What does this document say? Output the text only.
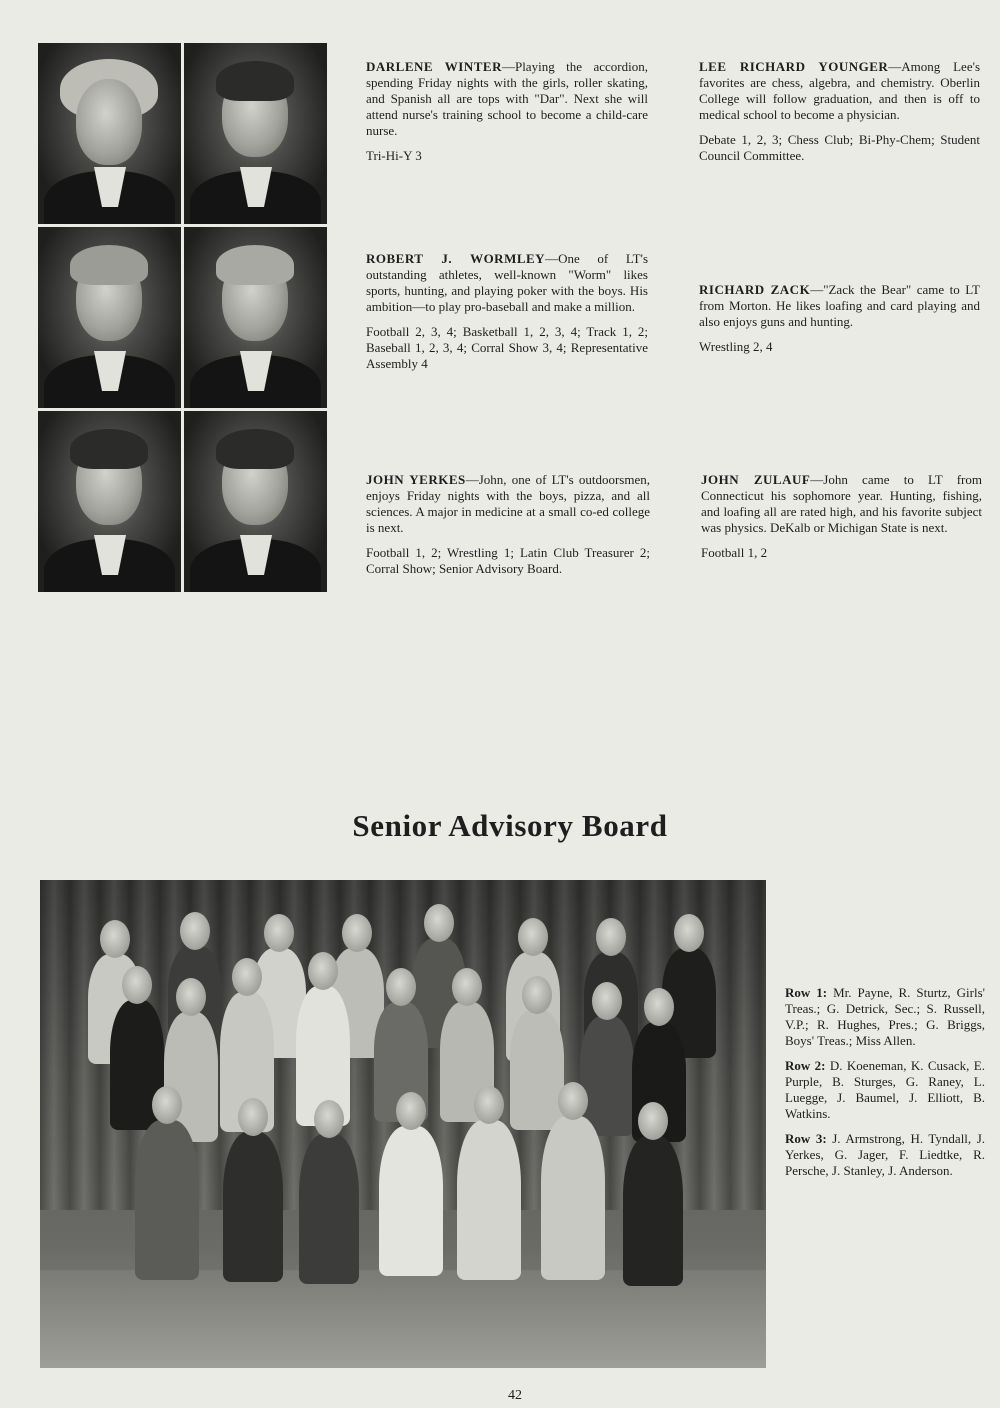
DARLENE WINTER—Playing the accordion, spending Friday nights with the girls, roller skating, and Spanish all are tops with "Dar". Next she will attend nurse's training school to become a child-care nurse.

Tri-Hi-Y 3

LEE RICHARD YOUNGER—Among Lee's favorites are chess, algebra, and chemistry. Oberlin College will follow graduation, and then is off to medical school to become a physician.

Debate 1, 2, 3; Chess Club; Bi-Phy-Chem; Student Council Committee.

ROBERT J. WORMLEY—One of LT's outstanding athletes, well-known "Worm" likes sports, hunting, and playing poker with the boys. His ambition—to play pro-baseball and make a million.

Football 2, 3, 4; Basketball 1, 2, 3, 4; Track 1, 2; Baseball 1, 2, 3, 4; Corral Show 3, 4; Representative Assembly 4

RICHARD ZACK—"Zack the Bear" came to LT from Morton. He likes loafing and card playing and also enjoys guns and hunting.

Wrestling 2, 4

JOHN YERKES—John, one of LT's outdoorsmen, enjoys Friday nights with the boys, pizza, and all sciences. A major in medicine at a small co-ed college is next.

Football 1, 2; Wrestling 1; Latin Club Treasurer 2; Corral Show; Senior Advisory Board.

JOHN ZULAUF—John came to LT from Connecticut his sophomore year. Hunting, fishing, and loafing all are rated high, and his favorite subject was physics. DeKalb or Michigan State is next.

Football 1, 2

Senior Advisory Board

Row 1: Mr. Payne, R. Sturtz, Girls' Treas.; G. Detrick, Sec.; S. Russell, V.P.; R. Hughes, Pres.; G. Briggs, Boys' Treas.; Miss Allen.

Row 2: D. Koeneman, K. Cusack, E. Purple, B. Sturges, G. Raney, L. Luegge, J. Baumel, J. Elliott, B. Watkins.

Row 3: J. Armstrong, H. Tyndall, J. Yerkes, G. Jager, F. Liedtke, R. Persche, J. Stanley, J. Anderson.

42
